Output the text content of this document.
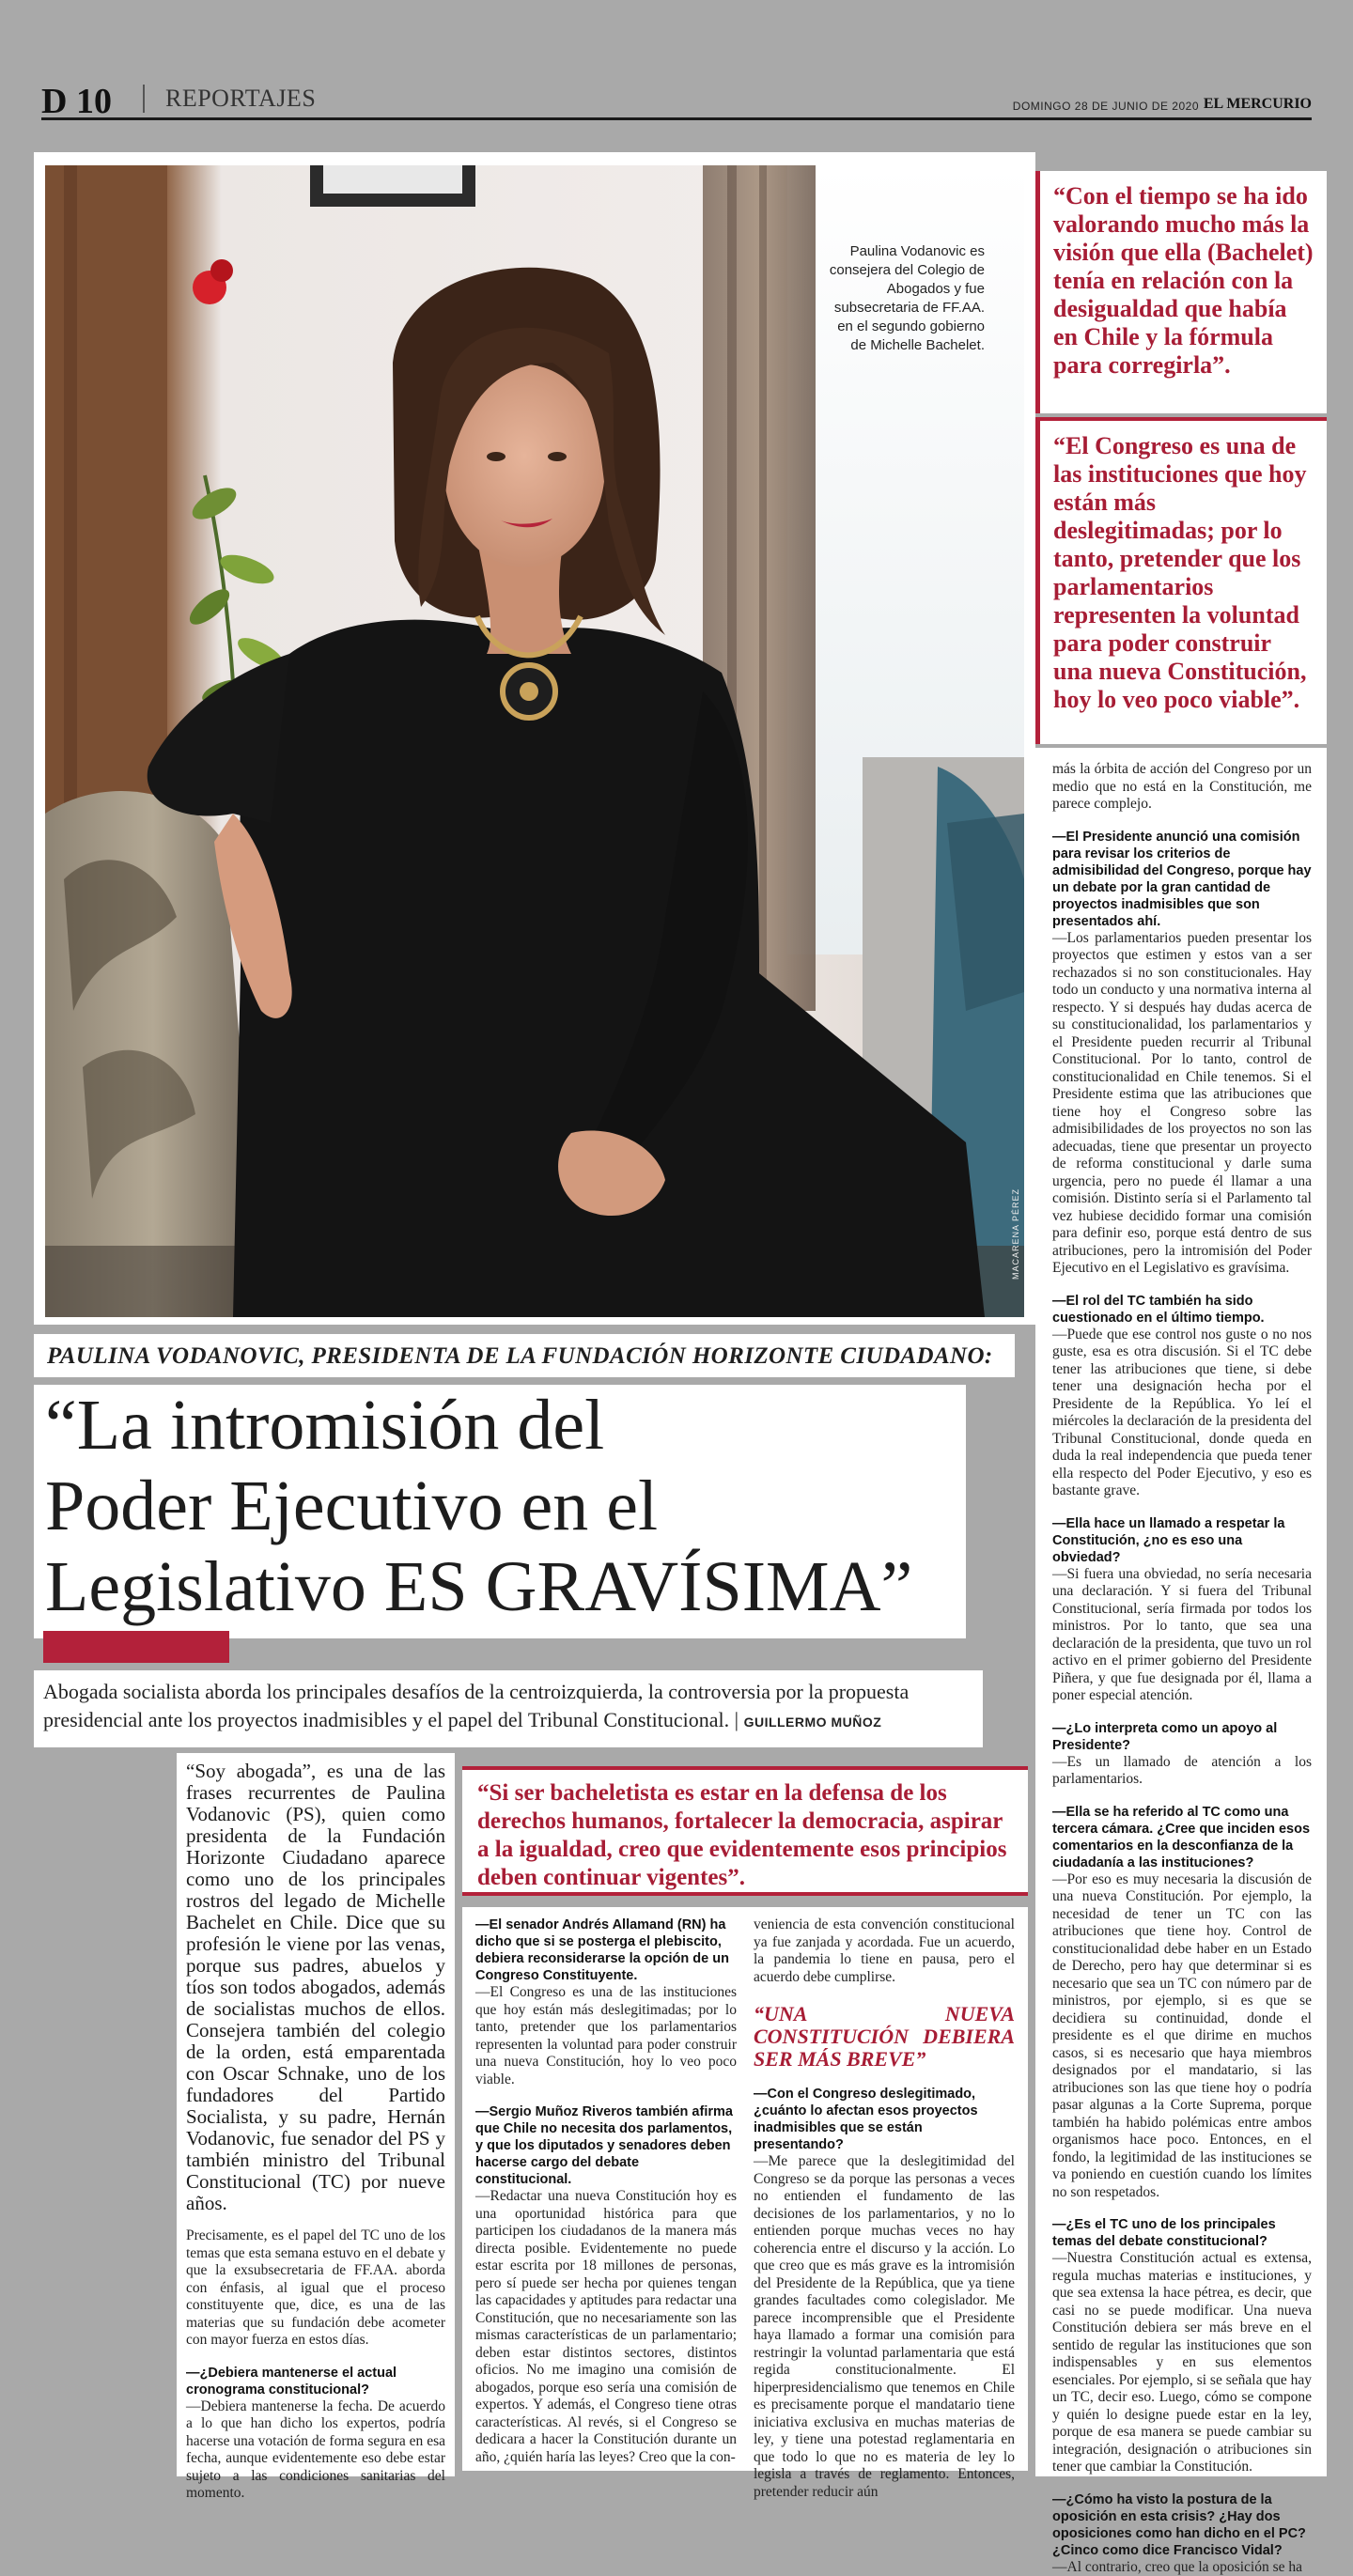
D 10 REPORTAJES	DOMINGO 28 DE JUNIO DE 2020 EL MERCURIO
Paulina Vodanovic es consejera del Colegio de Abogados y fue subsecretaria de FF.AA. en el segundo gobierno de Michelle Bachelet.
MACARENA PÉREZ
“Con el tiempo se ha ido valorando mucho más la visión que ella (Bachelet) tenía en relación con la desigualdad que había en Chile y la fórmula para corregirla”.
“El Congreso es una de las instituciones que hoy están más deslegitimadas; por lo tanto, pretender que los parlamentarios representen la voluntad para poder construir una nueva Constitución, hoy lo veo poco viable”.

más la órbita de acción del Congreso por un medio que no está en la Constitución, me parece complejo.

—El Presidente anunció una comisión para revisar los criterios de admisibilidad del Congreso, porque hay un debate por la gran cantidad de proyectos inadmisibles que son presentados ahí.

—Los parlamentarios pueden presentar los proyectos que estimen y estos van a ser rechazados si no son constitucionales. Hay todo un conducto y una normativa interna al respecto. Y si después hay dudas acerca de su constitucionalidad, los parlamentarios y el Presidente pueden recurrir al Tribunal Constitucional. Por lo tanto, control de constitucionalidad en Chile tenemos. Si el Presidente estima que las atribuciones que tiene hoy el Congreso sobre las admisibilidades de los proyectos no son las adecuadas, tiene que presentar un proyecto de reforma constitucional y darle suma urgencia, pero no puede él llamar a una comisión. Distinto sería si el Parlamento tal vez hubiese decidido formar una comisión para definir eso, porque está dentro de sus atribuciones, pero la intromisión del Poder Ejecutivo en el Legislativo es gravísima.

—El rol del TC también ha sido cuestionado en el último tiempo.

—Puede que ese control nos guste o no nos guste, esa es otra discusión. Si el TC debe tener las atribuciones que tiene, si debe tener una designación hecha por el Presidente de la República. Yo leí el miércoles la declaración de la presidenta del Tribunal Constitucional, donde queda en duda la real independencia que pueda tener ella respecto del Poder Ejecutivo, y eso es bastante grave.

—Ella hace un llamado a respetar la Constitución, ¿no es eso una obviedad?

—Si fuera una obviedad, no sería necesaria una declaración. Y si fuera del Tribunal Constitucional, sería firmada por todos los ministros. Por lo tanto, que sea una declaración de la presidenta, que tuvo un rol activo en el primer gobierno del Presidente Piñera, y que fue designada por él, llama a poner especial atención.

—¿Lo interpreta como un apoyo al Presidente?

—Es un llamado de atención a los parlamentarios.

—Ella se ha referido al TC como una tercera cámara. ¿Cree que inciden esos comentarios en la desconfianza de la ciudadanía a las instituciones?

—Por eso es muy necesaria la discusión de una nueva Constitución. Por ejemplo, la necesidad de tener un TC con las atribuciones que tiene hoy. Control de constitucionalidad debe haber en un Estado de Derecho, pero hay que determinar si es necesario que sea un TC con número par de ministros, por ejemplo, si es que se decidiera su continuidad, donde el presidente es el que dirime en muchos casos, si es necesario que haya miembros designados por el mandatario, si las atribuciones son las que tiene hoy o podría pasar algunas a la Corte Suprema, porque también ha habido polémicas entre ambos organismos hace poco. Entonces, en el fondo, la legitimidad de las instituciones se va poniendo en cuestión cuando los límites no son respetados.

—¿Es el TC uno de los principales temas del debate constitucional?

—Nuestra Constitución actual es extensa, regula muchas materias e instituciones, y que sea extensa la hace pétrea, es decir, que casi no se puede modificar. Una nueva Constitución debiera ser más breve en el sentido de regular las instituciones que son indispensables y en sus elementos esenciales. Por ejemplo, si se señala que hay un TC, decir eso. Luego, cómo se compone y quién lo designe puede estar en la ley, porque de esa manera se puede cambiar su integración, designación o atribuciones sin tener que cambiar la Constitución.

—¿Cómo ha visto la postura de la oposición en esta crisis? ¿Hay dos oposiciones como han dicho en el PC? ¿Cinco como dice Francisco Vidal?

—Al contrario, creo que la oposición se ha

PAULINA VODANOVIC, PRESIDENTA DE LA FUNDACIÓN HORIZONTE CIUDADANO:
“La intromisión del
Poder Ejecutivo en el
Legislativo ES GRAVÍSIMA”
Abogada socialista aborda los principales desafíos de la centroizquierda, la controversia por la propuesta presidencial ante los proyectos inadmisibles y el papel del Tribunal Constitucional. | GUILLERMO MUÑOZ

“Soy abogada”, es una de las frases recurrentes de Paulina Vodanovic (PS), quien como presidenta de la Fundación Horizonte Ciudadano aparece como uno de los principales rostros del legado de Michelle Bachelet en Chile. Dice que su profesión le viene por las venas, porque sus padres, abuelos y tíos son todos abogados, además de socialistas muchos de ellos. Consejera también del colegio de la orden, está emparentada con Oscar Schnake, uno de los fundadores del Partido Socialista, y su padre, Hernán Vodanovic, fue senador del PS y también ministro del Tribunal Constitucional (TC) por nueve años.

Precisamente, es el papel del TC uno de los temas que esta semana estuvo en el debate y que la exsubsecretaria de FF.AA. aborda con énfasis, al igual que el proceso constituyente que, dice, es una de las materias que su fundación debe acometer con mayor fuerza en estos días.

—¿Debiera mantenerse el actual cronograma constitucional?

—Debiera mantenerse la fecha. De acuerdo a lo que han dicho los expertos, podría hacerse una votación de forma segura en esa fecha, aunque evidentemente eso debe estar sujeto a las condiciones sanitarias del momento.

“Si ser bacheletista es estar en la defensa de los derechos humanos, fortalecer la democracia, aspirar a la igualdad, creo que evidentemente esos principios deben continuar vigentes”.

—El senador Andrés Allamand (RN) ha dicho que si se posterga el plebiscito, debiera reconsiderarse la opción de un Congreso Constituyente.

—El Congreso es una de las instituciones que hoy están más deslegitimadas; por lo tanto, pretender que los parlamentarios representen la voluntad para poder construir una nueva Constitución, hoy lo veo poco viable.

—Sergio Muñoz Riveros también afirma que Chile no necesita dos parlamentos, y que los diputados y senadores deben hacerse cargo del debate constitucional.

—Redactar una nueva Constitución hoy es una oportunidad histórica para que participen los ciudadanos de la manera más directa posible. Evidentemente no puede estar escrita por 18 millones de personas, pero sí puede ser hecha por quienes tengan las capacidades y aptitudes para redactar una Constitución, que no necesariamente son las mismas características de un parlamentario; deben estar distintos sectores, distintos oficios. No me imagino una comisión de abogados, porque eso sería una comisión de expertos. Y además, el Congreso tiene otras características. Al revés, si el Congreso se dedicara a hacer la Constitución durante un año, ¿quién haría las leyes? Creo que la con-

veniencia de esta convención constitucional ya fue zanjada y acordada. Fue un acuerdo, la pandemia lo tiene en pausa, pero el acuerdo debe cumplirse.

“UNA NUEVA CONSTITUCIÓN DEBIERA SER MÁS BREVE”

—Con el Congreso deslegitimado, ¿cuánto lo afectan esos proyectos inadmisibles que se están presentando?

—Me parece que la deslegitimidad del Congreso se da porque las personas a veces no entienden el fundamento de las decisiones de los parlamentarios, y no lo entienden porque muchas veces no hay coherencia entre el discurso y la acción. Lo que creo que es más grave es la intromisión del Presidente de la República, que ya tiene grandes facultades como colegislador. Me parece incomprensible que el Presidente haya llamado a formar una comisión para restringir la voluntad parlamentaria que está regida constitucionalmente. El hiperpresidencialismo que tenemos en Chile es precisamente porque el mandatario tiene iniciativa exclusiva en muchas materias de ley, y tiene una potestad reglamentaria en que todo lo que no es materia de ley lo legisla a través de reglamento. Entonces, pretender reducir aún
